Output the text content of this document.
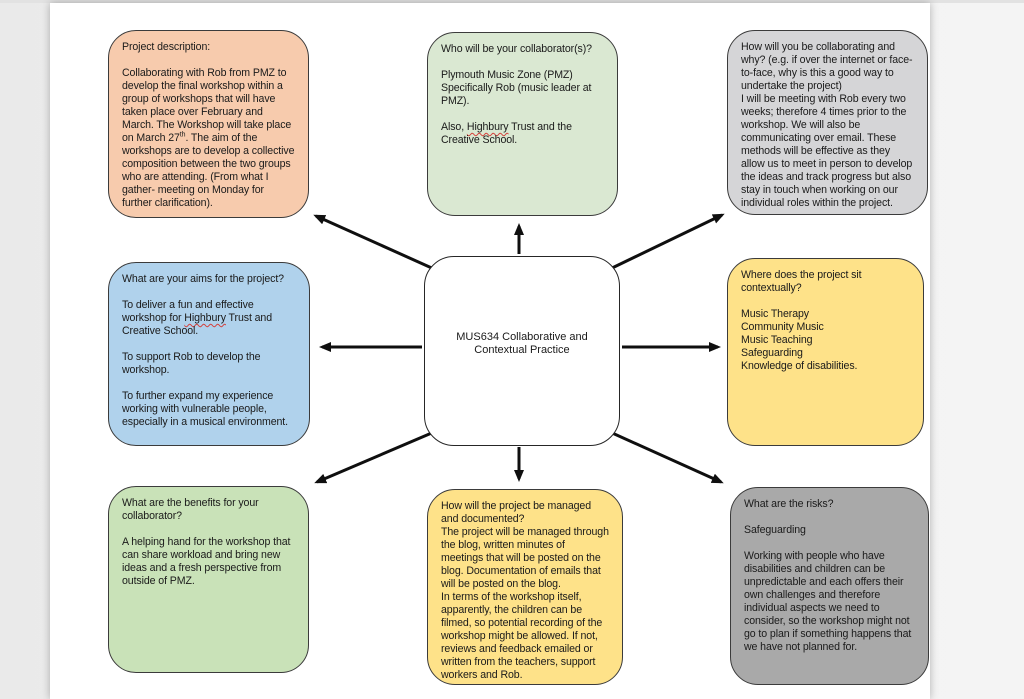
Project description:

Collaborating with Rob from PMZ to develop the final workshop within a group of workshops that will have taken place over February and March. The Workshop will take place on March 27th. The aim of the workshops are to develop a collective composition between the two groups who are attending. (From what I gather- meeting on Monday for further clarification).

Who will be your collaborator(s)?

Plymouth Music Zone (PMZ)

Specifically Rob (music leader at PMZ).

Also, Highbury Trust and the Creative School.

How will you be collaborating and why? (e.g. if over the internet or face-to-face, why is this a good way to undertake the project)

I will be meeting with Rob every two weeks; therefore 4 times prior to the workshop. We will also be communicating over email. These methods will be effective as they allow us to meet in person to develop the ideas and track progress but also stay in touch when working on our individual roles within the project.

What are your aims for the project?

To deliver a fun and effective workshop for Highbury Trust and Creative School.

To support Rob to develop the workshop.

To further expand my experience working with vulnerable people, especially in a musical environment.

MUS634 Collaborative and Contextual Practice

Where does the project sit contextually?

Music Therapy

Community Music

Music Teaching

Safeguarding

Knowledge of disabilities.

What are the benefits for your collaborator?

A helping hand for the workshop that can share workload and bring new ideas and a fresh perspective from outside of PMZ.

How will the project be managed and documented?

The project will be managed through the blog, written minutes of meetings that will be posted on the blog. Documentation of emails that will be posted on the blog.

In terms of the workshop itself, apparently, the children can be filmed, so potential recording of the workshop might be allowed. If not, reviews and feedback emailed or written from the teachers, support workers and Rob.

What are the risks?

Safeguarding

Working with people who have disabilities and children can be unpredictable and each offers their own challenges and therefore individual aspects we need to consider, so the workshop might not go to plan if something happens that we have not planned for.
